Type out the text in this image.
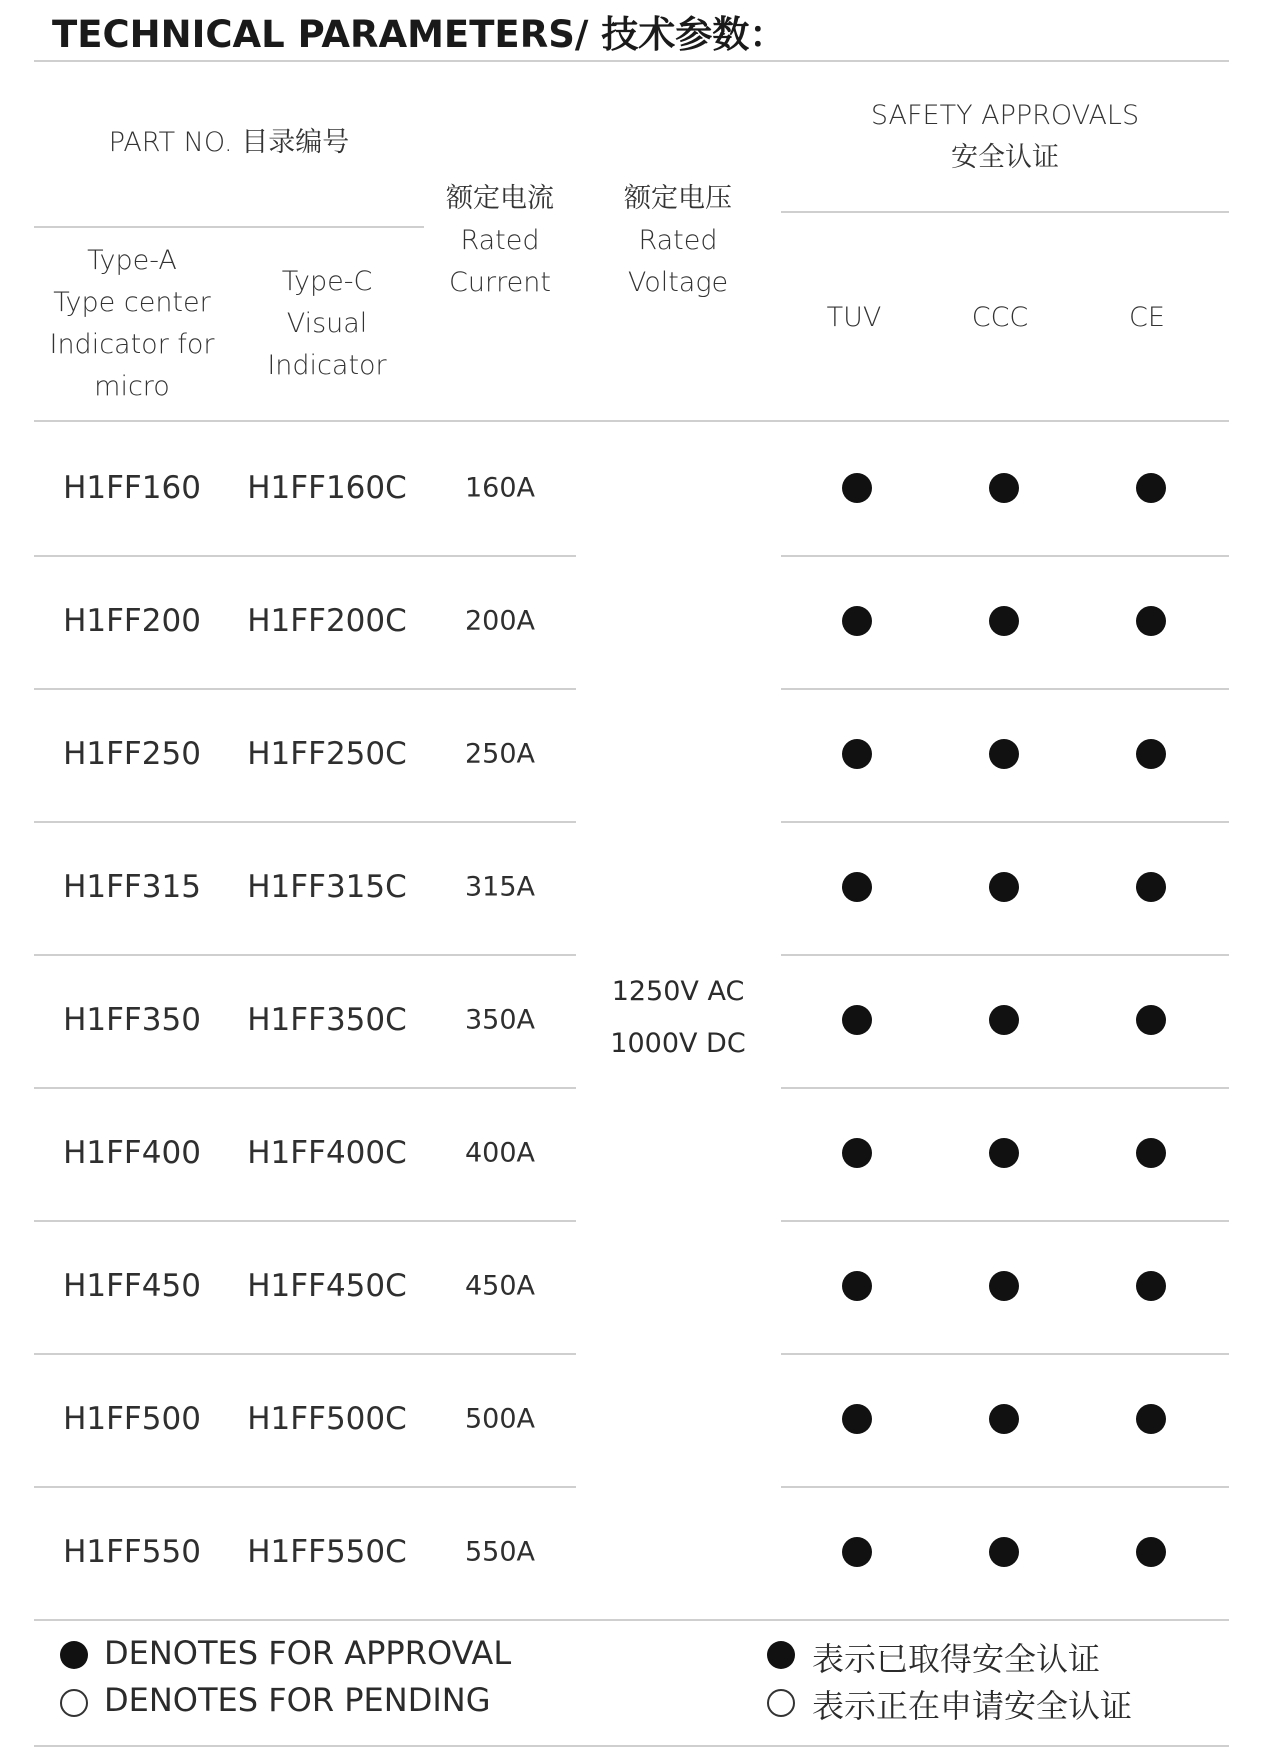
TECHNICAL PARAMETERS/ 技术参数：
PART NO. 目录编号
Type-A
Type center
Indicator for
micro
Type-C
Visual
Indicator
额定电流
Rated
Current
额定电压
Rated
Voltage
SAFETY APPROVALS
安全认证
TUV	CCC	CE
H1FF160 H1FF160C 160A
H1FF200 H1FF200C 200A
H1FF250 H1FF250C 250A
H1FF315 H1FF315C 315A
H1FF350 H1FF350C 350A
H1FF400 H1FF400C 400A
H1FF450 H1FF450C 450A
H1FF500 H1FF500C 500A
H1FF550 H1FF550C 550A
1250V AC
1000V DC
DENOTES FOR APPROVAL
DENOTES FOR PENDING
表示已取得安全认证
表示正在申请安全认证
